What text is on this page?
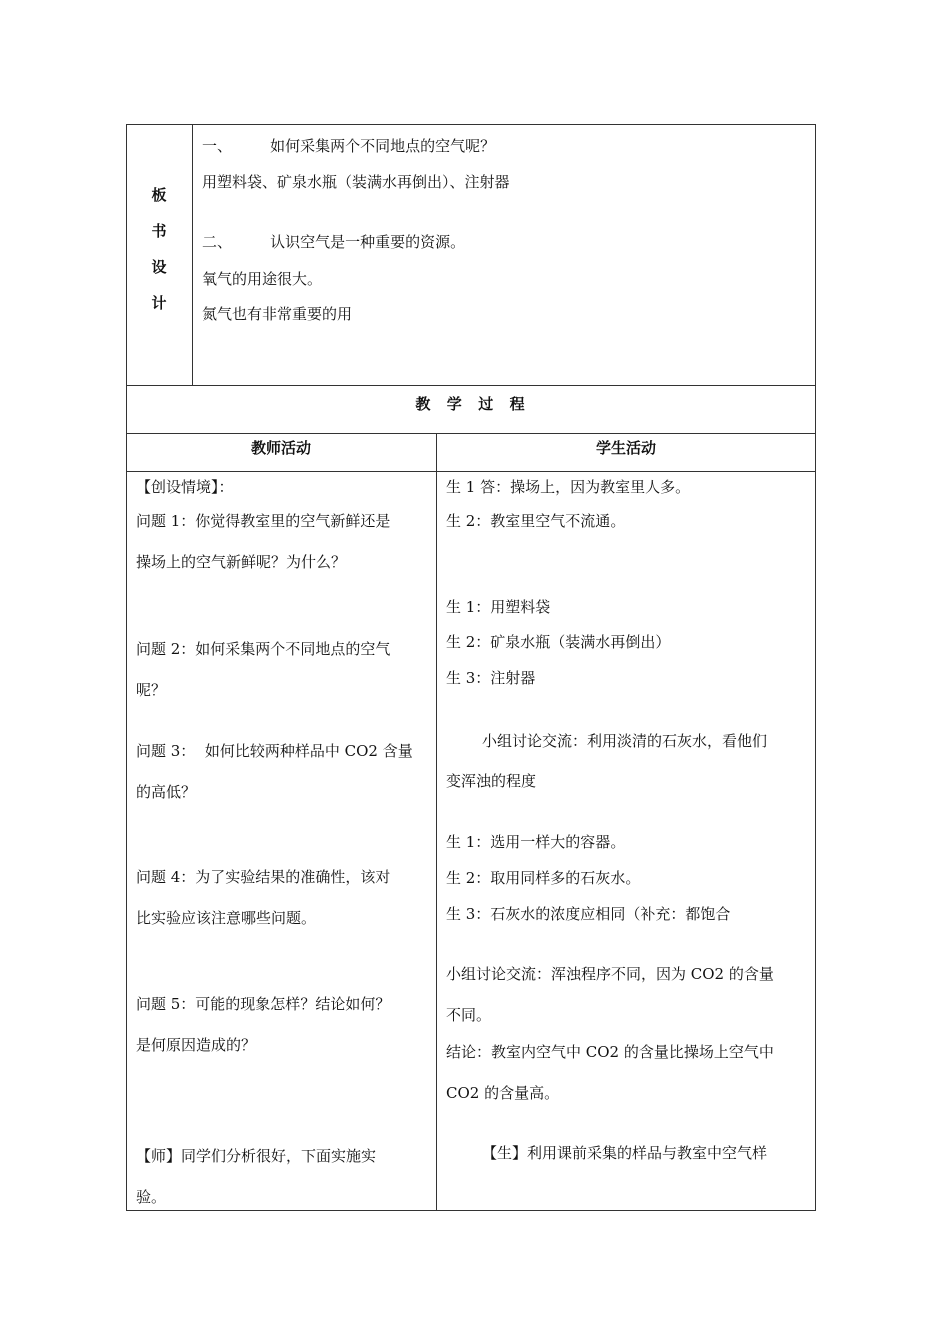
板
书
设
计
一、        如何采集两个不同地点的空气呢？
用塑料袋、矿泉水瓶（装满水再倒出）、注射器
二、        认识空气是一种重要的资源。
氧气的用途很大。
氮气也有非常重要的用
教  学  过  程
教师活动	学生活动
【创设情境】：
问题 1：你觉得教室里的空气新鲜还是
操场上的空气新鲜呢？为什么？
问题 2：如何采集两个不同地点的空气
呢？
问题 3：  如何比较两种样品中 CO2 含量
的高低？
问题 4：为了实验结果的准确性，该对
比实验应该注意哪些问题。
问题 5：可能的现象怎样？结论如何？
是何原因造成的？
【师】同学们分析很好，下面实施实
验。
生 1 答：操场上，因为教室里人多。
生 2：教室里空气不流通。
生 1：用塑料袋
生 2：矿泉水瓶（装满水再倒出）
生 3：注射器
小组讨论交流：利用淡清的石灰水，看他们
变浑浊的程度
生 1：选用一样大的容器。
生 2：取用同样多的石灰水。
生 3：石灰水的浓度应相同（补充：都饱合
小组讨论交流：浑浊程序不同，因为 CO2 的含量
不同。
结论：教室内空气中 CO2 的含量比操场上空气中
CO2 的含量高。
【生】利用课前采集的样品与教室中空气样
